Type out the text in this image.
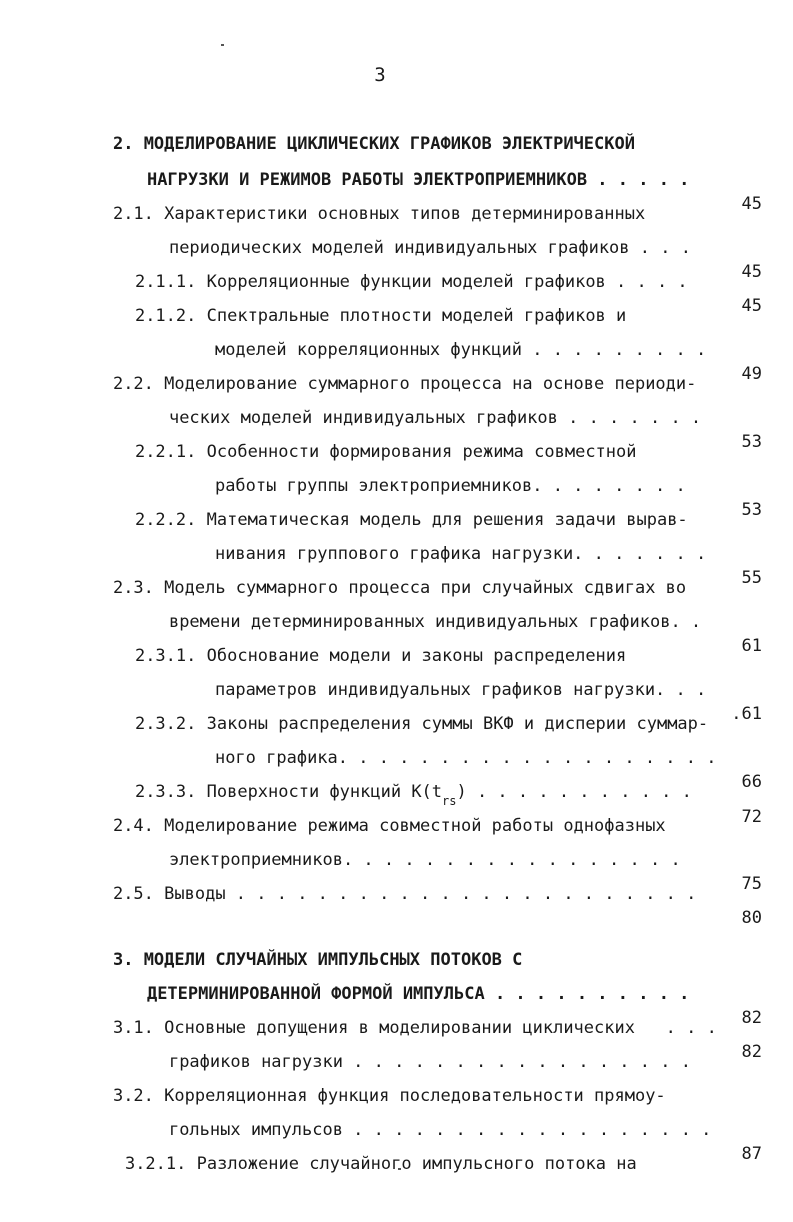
3

2. МОДЕЛИРОВАНИЕ ЦИКЛИЧЕСКИХ ГРАФИКОВ ЭЛЕКТРИЧЕСКОЙ

НАГРУЗКИ И РЕЖИМОВ РАБОТЫ ЭЛЕКТРОПРИЕМНИКОВ . . . . .

45

2.1. Характеристики основных типов детерминированных

периодических моделей индивидуальных графиков . . .

45

2.1.1. Корреляционные функции моделей графиков . . . .

45

2.1.2. Спектральные плотности моделей графиков и

моделей корреляционных функций . . . . . . . . .

49

2.2. Моделирование суммарного процесса на основе периоди-

ческих моделей индивидуальных графиков . . . . . . .

53

2.2.1. Особенности формирования режима совместной

работы группы электроприемников. . . . . . . .

53

2.2.2. Математическая модель для решения задачи вырав-

нивания группового графика нагрузки. . . . . . .

55

2.3. Модель суммарного процесса при случайных сдвигах во

времени детерминированных индивидуальных графиков. .

61

2.3.1. Обоснование модели и законы распределения

параметров индивидуальных графиков нагрузки. . .

.61

2.3.2. Законы распределения суммы ВКФ и дисперии суммар-

ного графика. . . . . . . . . . . . . . . . . . .

66

2.3.3. Поверхности функций $К(t_{rs})$ . . . . . . . . . . .

72

2.4. Моделирование режима совместной работы однофазных

электроприемников. . . . . . . . . . . . . . . . .

75

2.5. Выводы . . . . . . . . . . . . . . . . . . . . . . .

80

3. МОДЕЛИ СЛУЧАЙНЫХ ИМПУЛЬСНЫХ ПОТОКОВ С

ДЕТЕРМИНИРОВАННОЙ ФОРМОЙ ИМПУЛЬСА . . . . . . . . . .

82

3.1. Основные допущения в моделировании циклических   . . .

82

графиков нагрузки . . . . . . . . . . . . . . . . .

3.2. Корреляционная функция последовательности прямоу-

гольных импульсов . . . . . . . . . . . . . . . . . .

87

3.2.1. Разложение случайного импульсного потока на
